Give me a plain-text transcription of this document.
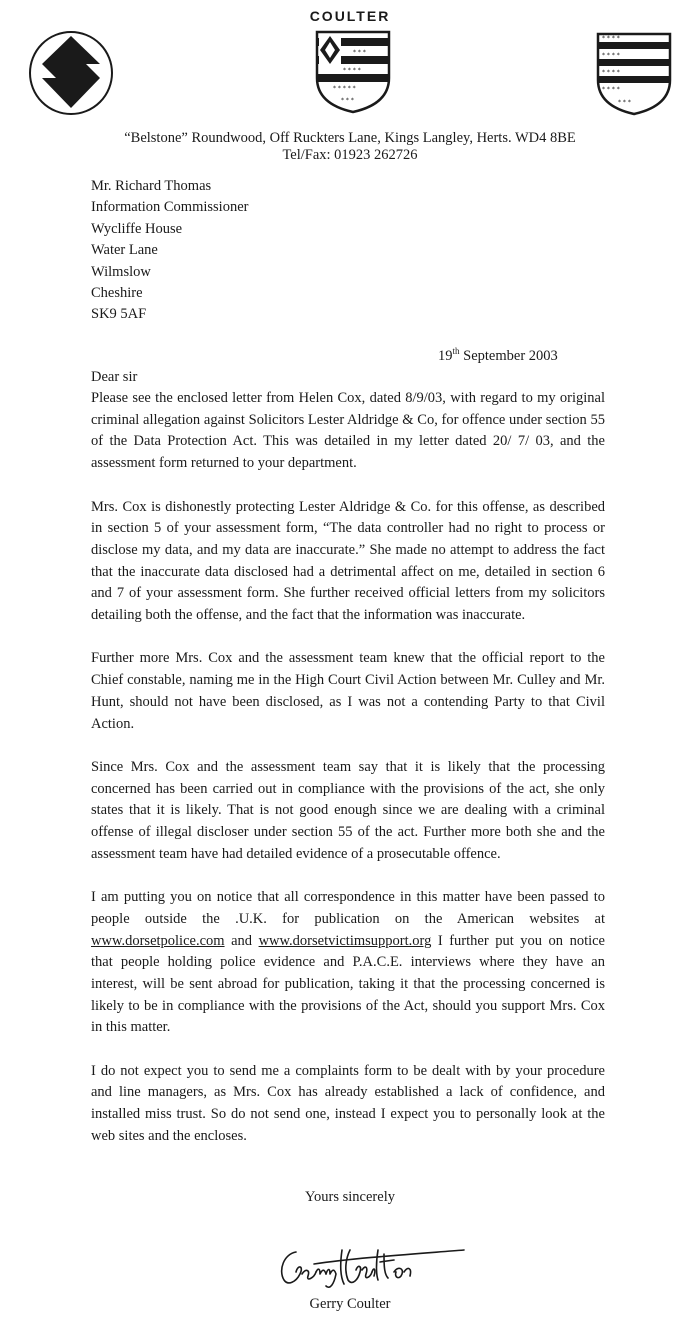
COULTER
* * *
* * * *
* * * * *
* * *
* * * *
* * * *
* * * *
* * * *
* * *
“Belstone” Roundwood, Off Ruckters Lane, Kings Langley, Herts. WD4 8BE
Tel/Fax: 01923 262726
Mr. Richard Thomas
Information Commissioner
Wycliffe House
Water Lane
Wilmslow
Cheshire
SK9 5AF
19th September 2003
Dear sir

Please see the enclosed letter from Helen Cox, dated 8/9/03, with regard to my original criminal allegation against Solicitors Lester Aldridge & Co, for offence under section 55 of the Data Protection Act. This was detailed in my letter dated 20/ 7/ 03, and the assessment form returned to your department.

Mrs. Cox is dishonestly protecting Lester Aldridge & Co. for this offense, as described in section 5 of your assessment form, “The data controller had no right to process or disclose my data, and my data are inaccurate.” She made no attempt to address the fact that the inaccurate data disclosed had a detrimental affect on me, detailed in section 6 and 7 of your assessment form. She further received official letters from my solicitors detailing both the offense, and the fact that the information was inaccurate.

Further more Mrs. Cox and the assessment team knew that the official report to the Chief constable, naming me in the High Court Civil Action between Mr. Culley and Mr. Hunt, should not have been disclosed, as I was not a contending Party to that Civil Action.

Since Mrs. Cox and the assessment team say that it is likely that the processing concerned has been carried out in compliance with the provisions of the act, she only states that it is likely. That is not good enough since we are dealing with a criminal offense of illegal discloser under section 55 of the act. Further more both she and the assessment team have had detailed evidence of a prosecutable offence.

I am putting you on notice that all correspondence in this matter have been passed to people outside the .U.K. for publication on the American websites at www.dorsetpolice.com and www.dorsetvictimsupport.org I further put you on notice that people holding police evidence and P.A.C.E. interviews where they have an interest, will be sent abroad for publication, taking it that the processing concerned is likely to be in compliance with the provisions of the Act, should you support Mrs. Cox in this matter.

I do not expect you to send me a complaints form to be dealt with by your procedure and line managers, as Mrs. Cox has already established a lack of confidence, and installed miss trust. So do not send one, instead I expect you to personally look at the web sites and the encloses.

Yours sincerely
Gerry Coulter
